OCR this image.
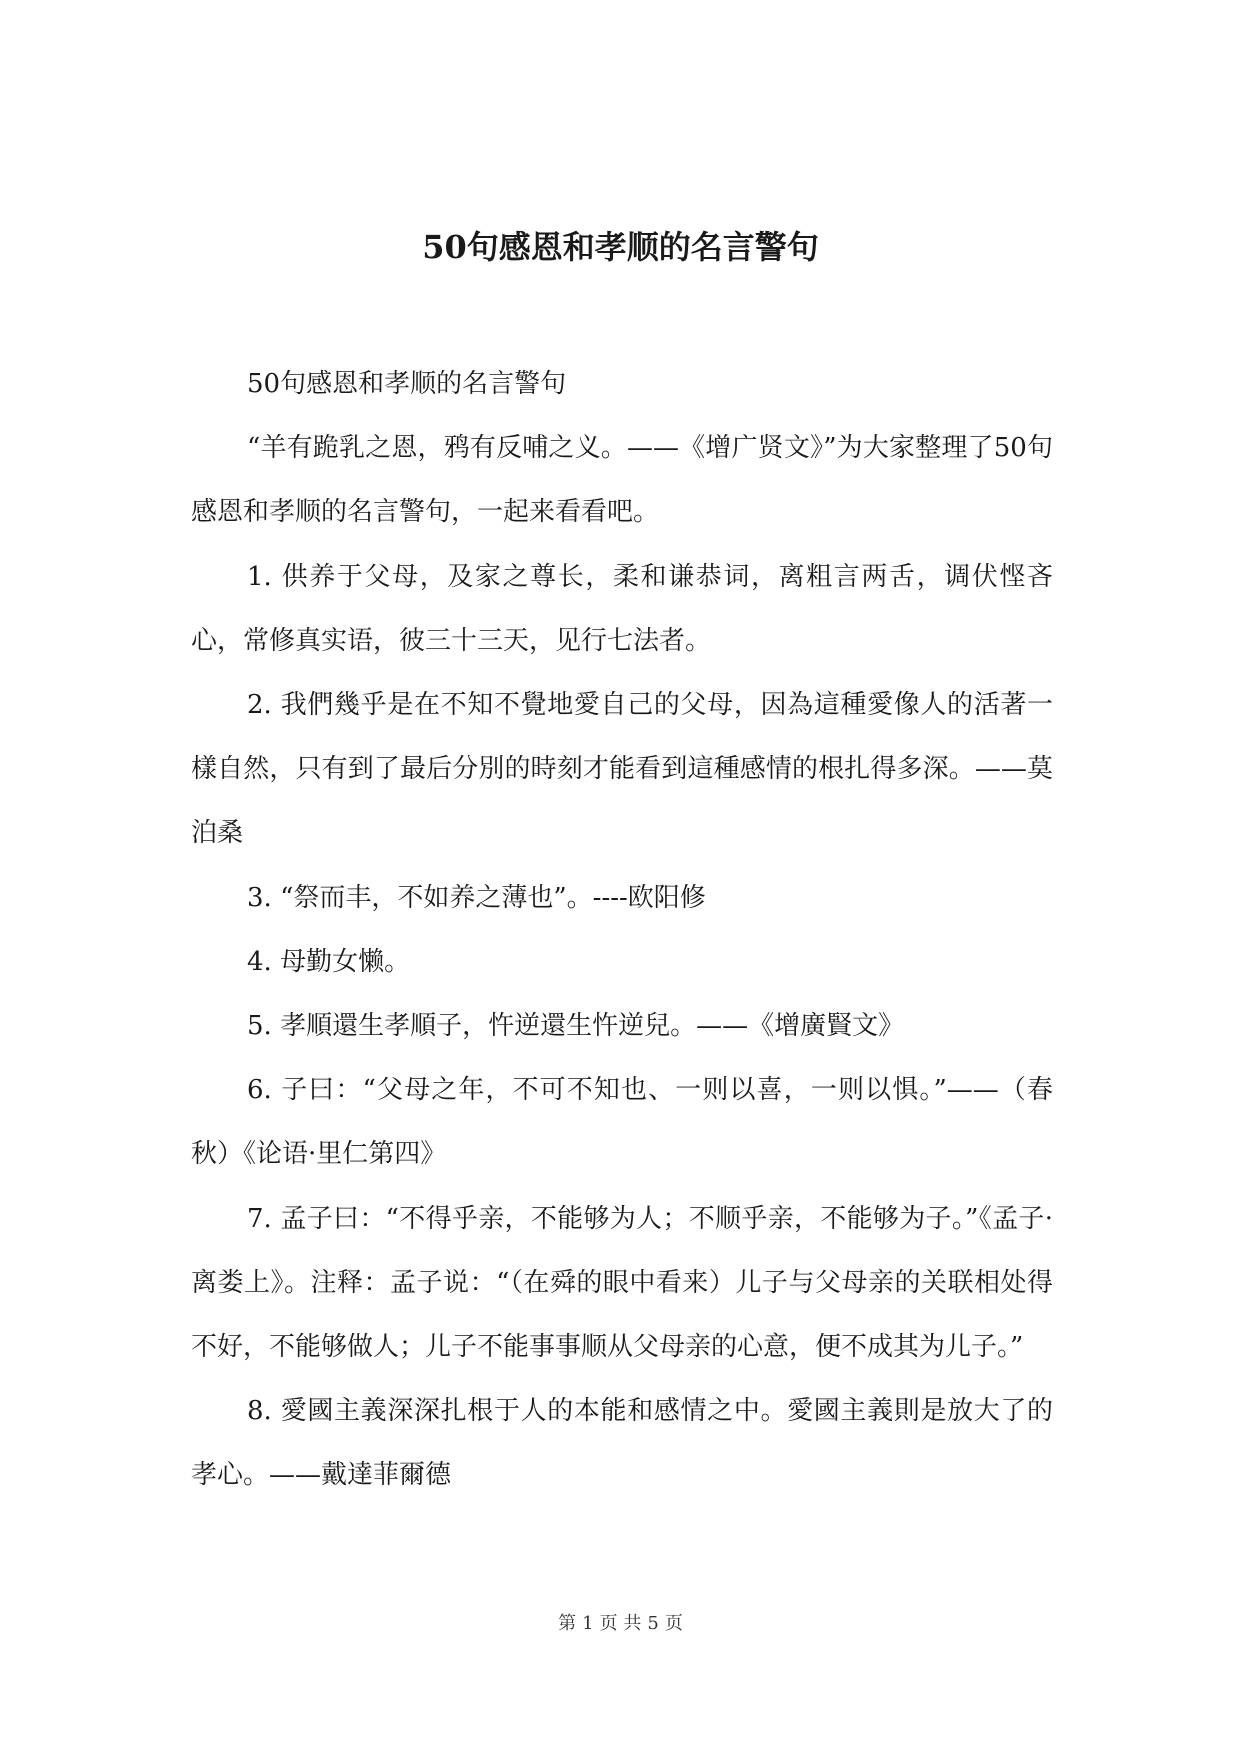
50句感恩和孝顺的名言警句

50句感恩和孝顺的名言警句

“羊有跪乳之恩，鸦有反哺之义。——《增广贤文》”为大家整理了50句感恩和孝顺的名言警句，一起来看看吧。

1. 供养于父母，及家之尊长，柔和谦恭词，离粗言两舌，调伏悭吝心，常修真实语，彼三十三天，见行七法者。

2. 我們幾乎是在不知不覺地愛自己的父母，因為這種愛像人的活著一樣自然，只有到了最后分別的時刻才能看到這種感情的根扎得多深。——莫泊桑

3. “祭而丰，不如养之薄也”。----欧阳修

4. 母勤女懒。

5. 孝順還生孝順子，忤逆還生忤逆兒。——《增廣賢文》

6. 子曰：“父母之年，不可不知也、一则以喜，一则以惧。”——（春秋）《论语·里仁第四》

7. 孟子曰：“不得乎亲，不能够为人；不顺乎亲，不能够为子。”《孟子·离娄上》。注释：孟子说：“（在舜的眼中看来）儿子与父母亲的关联相处得不好，不能够做人；儿子不能事事顺从父母亲的心意，便不成其为儿子。”

8. 愛國主義深深扎根于人的本能和感情之中。愛國主義則是放大了的孝心。——戴達菲爾德

第 1 页 共 5 页
